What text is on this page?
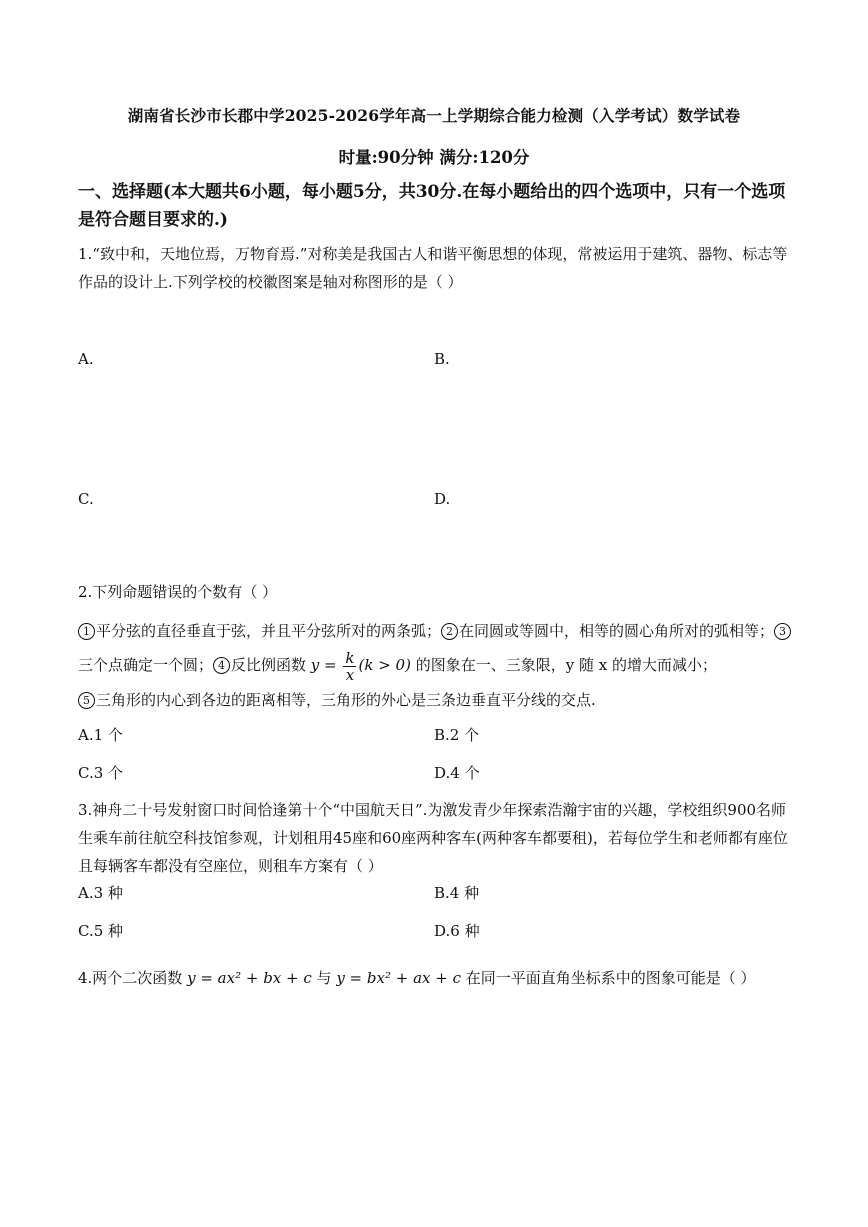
湖南省长沙市长郡中学2025-2026学年高一上学期综合能力检测（入学考试）数学试卷
时量:90分钟 满分:120分
一、选择题(本大题共6小题，每小题5分，共30分.在每小题给出的四个选项中，只有一个选项是符合题目要求的.)
1.“致中和，天地位焉，万物育焉.”对称美是我国古人和谐平衡思想的体现，常被运用于建筑、器物、标志等作品的设计上.下列学校的校徽图案是轴对称图形的是（ ）
A.	B.
C.	D.
2.下列命题错误的个数有（ ）
1 平分弦的直径垂直于弦，并且平分弦所对的两条弧； 2 在同圆或等圆中，相等的圆心角所对的弧相等； 3三个点确定一个圆； 4 反比例函数 $y = \frac{k}{x} (k > 0)$ 的图象在一、三象限，y 随 x 的增大而减小；
5 三角形的内心到各边的距离相等，三角形的外心是三条边垂直平分线的交点.
A.1 个	B.2 个
C.3 个	D.4 个
3.神舟二十号发射窗口时间恰逢第十个“中国航天日”.为激发青少年探索浩瀚宇宙的兴趣，学校组织900名师生乘车前往航空科技馆参观，计划租用45座和60座两种客车(两种客车都要租)，若每位学生和老师都有座位且每辆客车都没有空座位，则租车方案有（ ）
A.3 种	B.4 种
C.5 种	D.6 种
4.两个二次函数 y = ax² + bx + c 与 y = bx² + ax + c 在同一平面直角坐标系中的图象可能是（ ）
